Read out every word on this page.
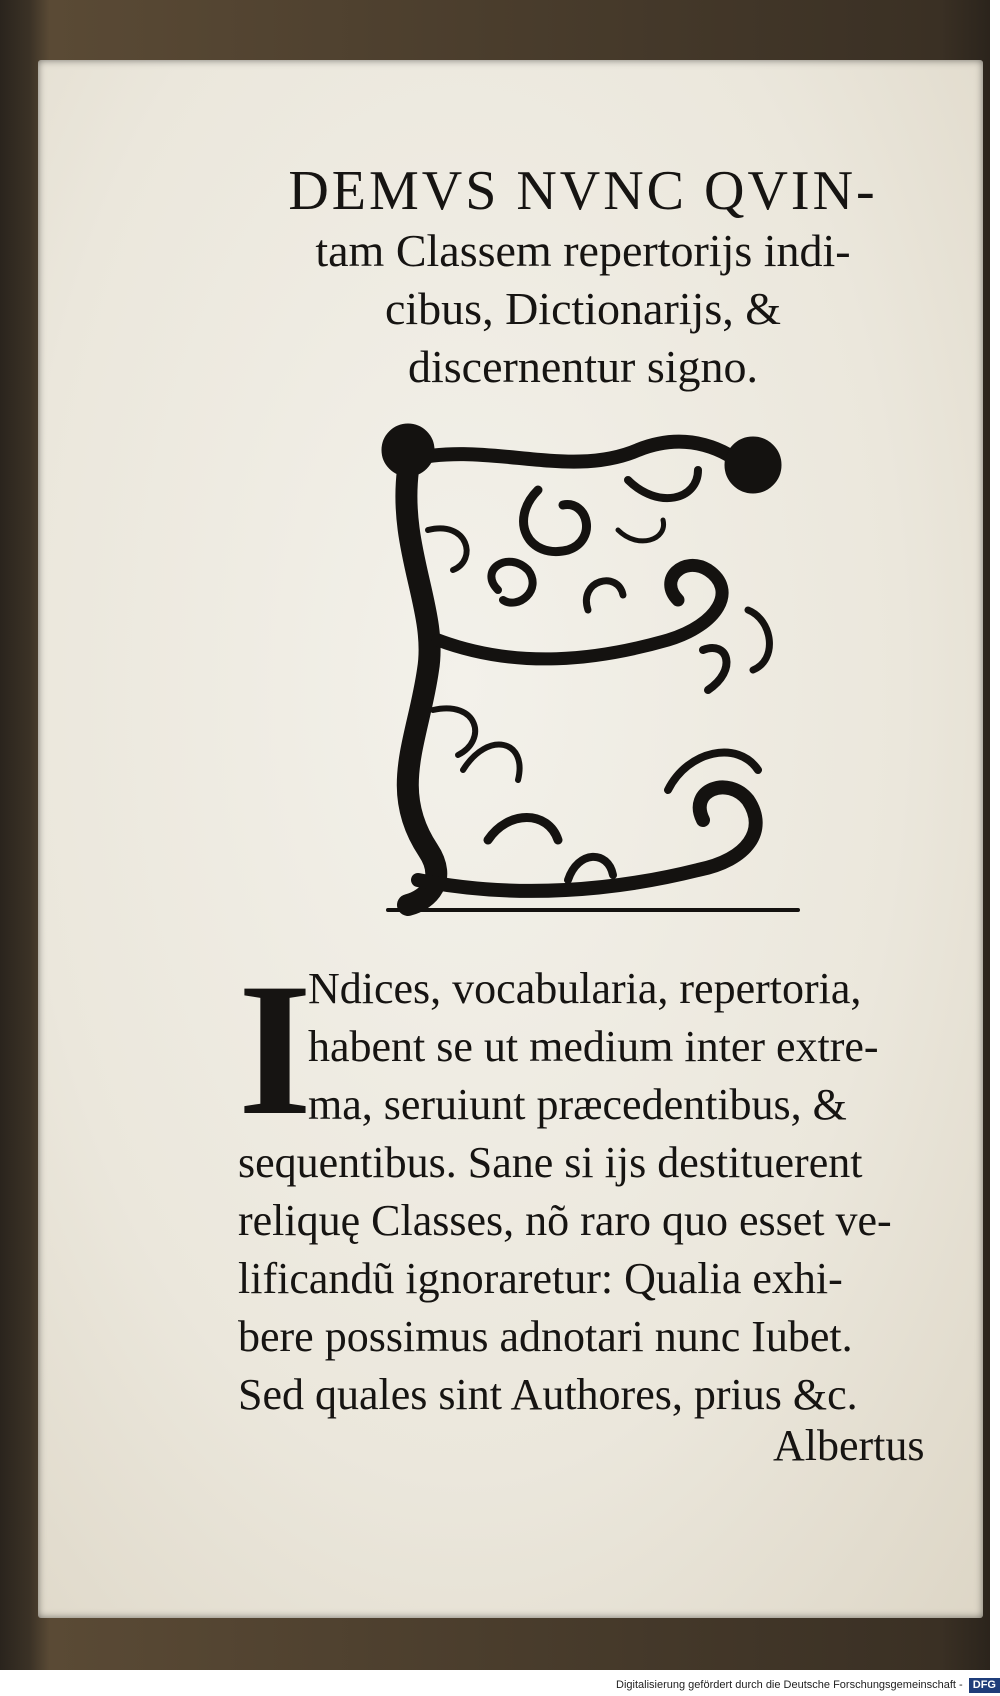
DEMVS NVNC QVIN-
tam Classem repertorijs indi-
cibus, Dictionarijs, &
discernentur signo.
I
Ndices, vocabularia, repertoria,
habent se ut medium inter extre-
ma, seruiunt præcedentibus, &
sequentibus. Sane si ijs destituerent
reliquę Classes, nõ raro quo esset ve-
lificandũ ignoraretur: Qualia exhi-
bere possimus adnotari nunc Iubet.
Sed quales sint Authores, prius &c.
Albertus
Digitalisierung gefördert durch die Deutsche Forschungsgemeinschaft - DFG
